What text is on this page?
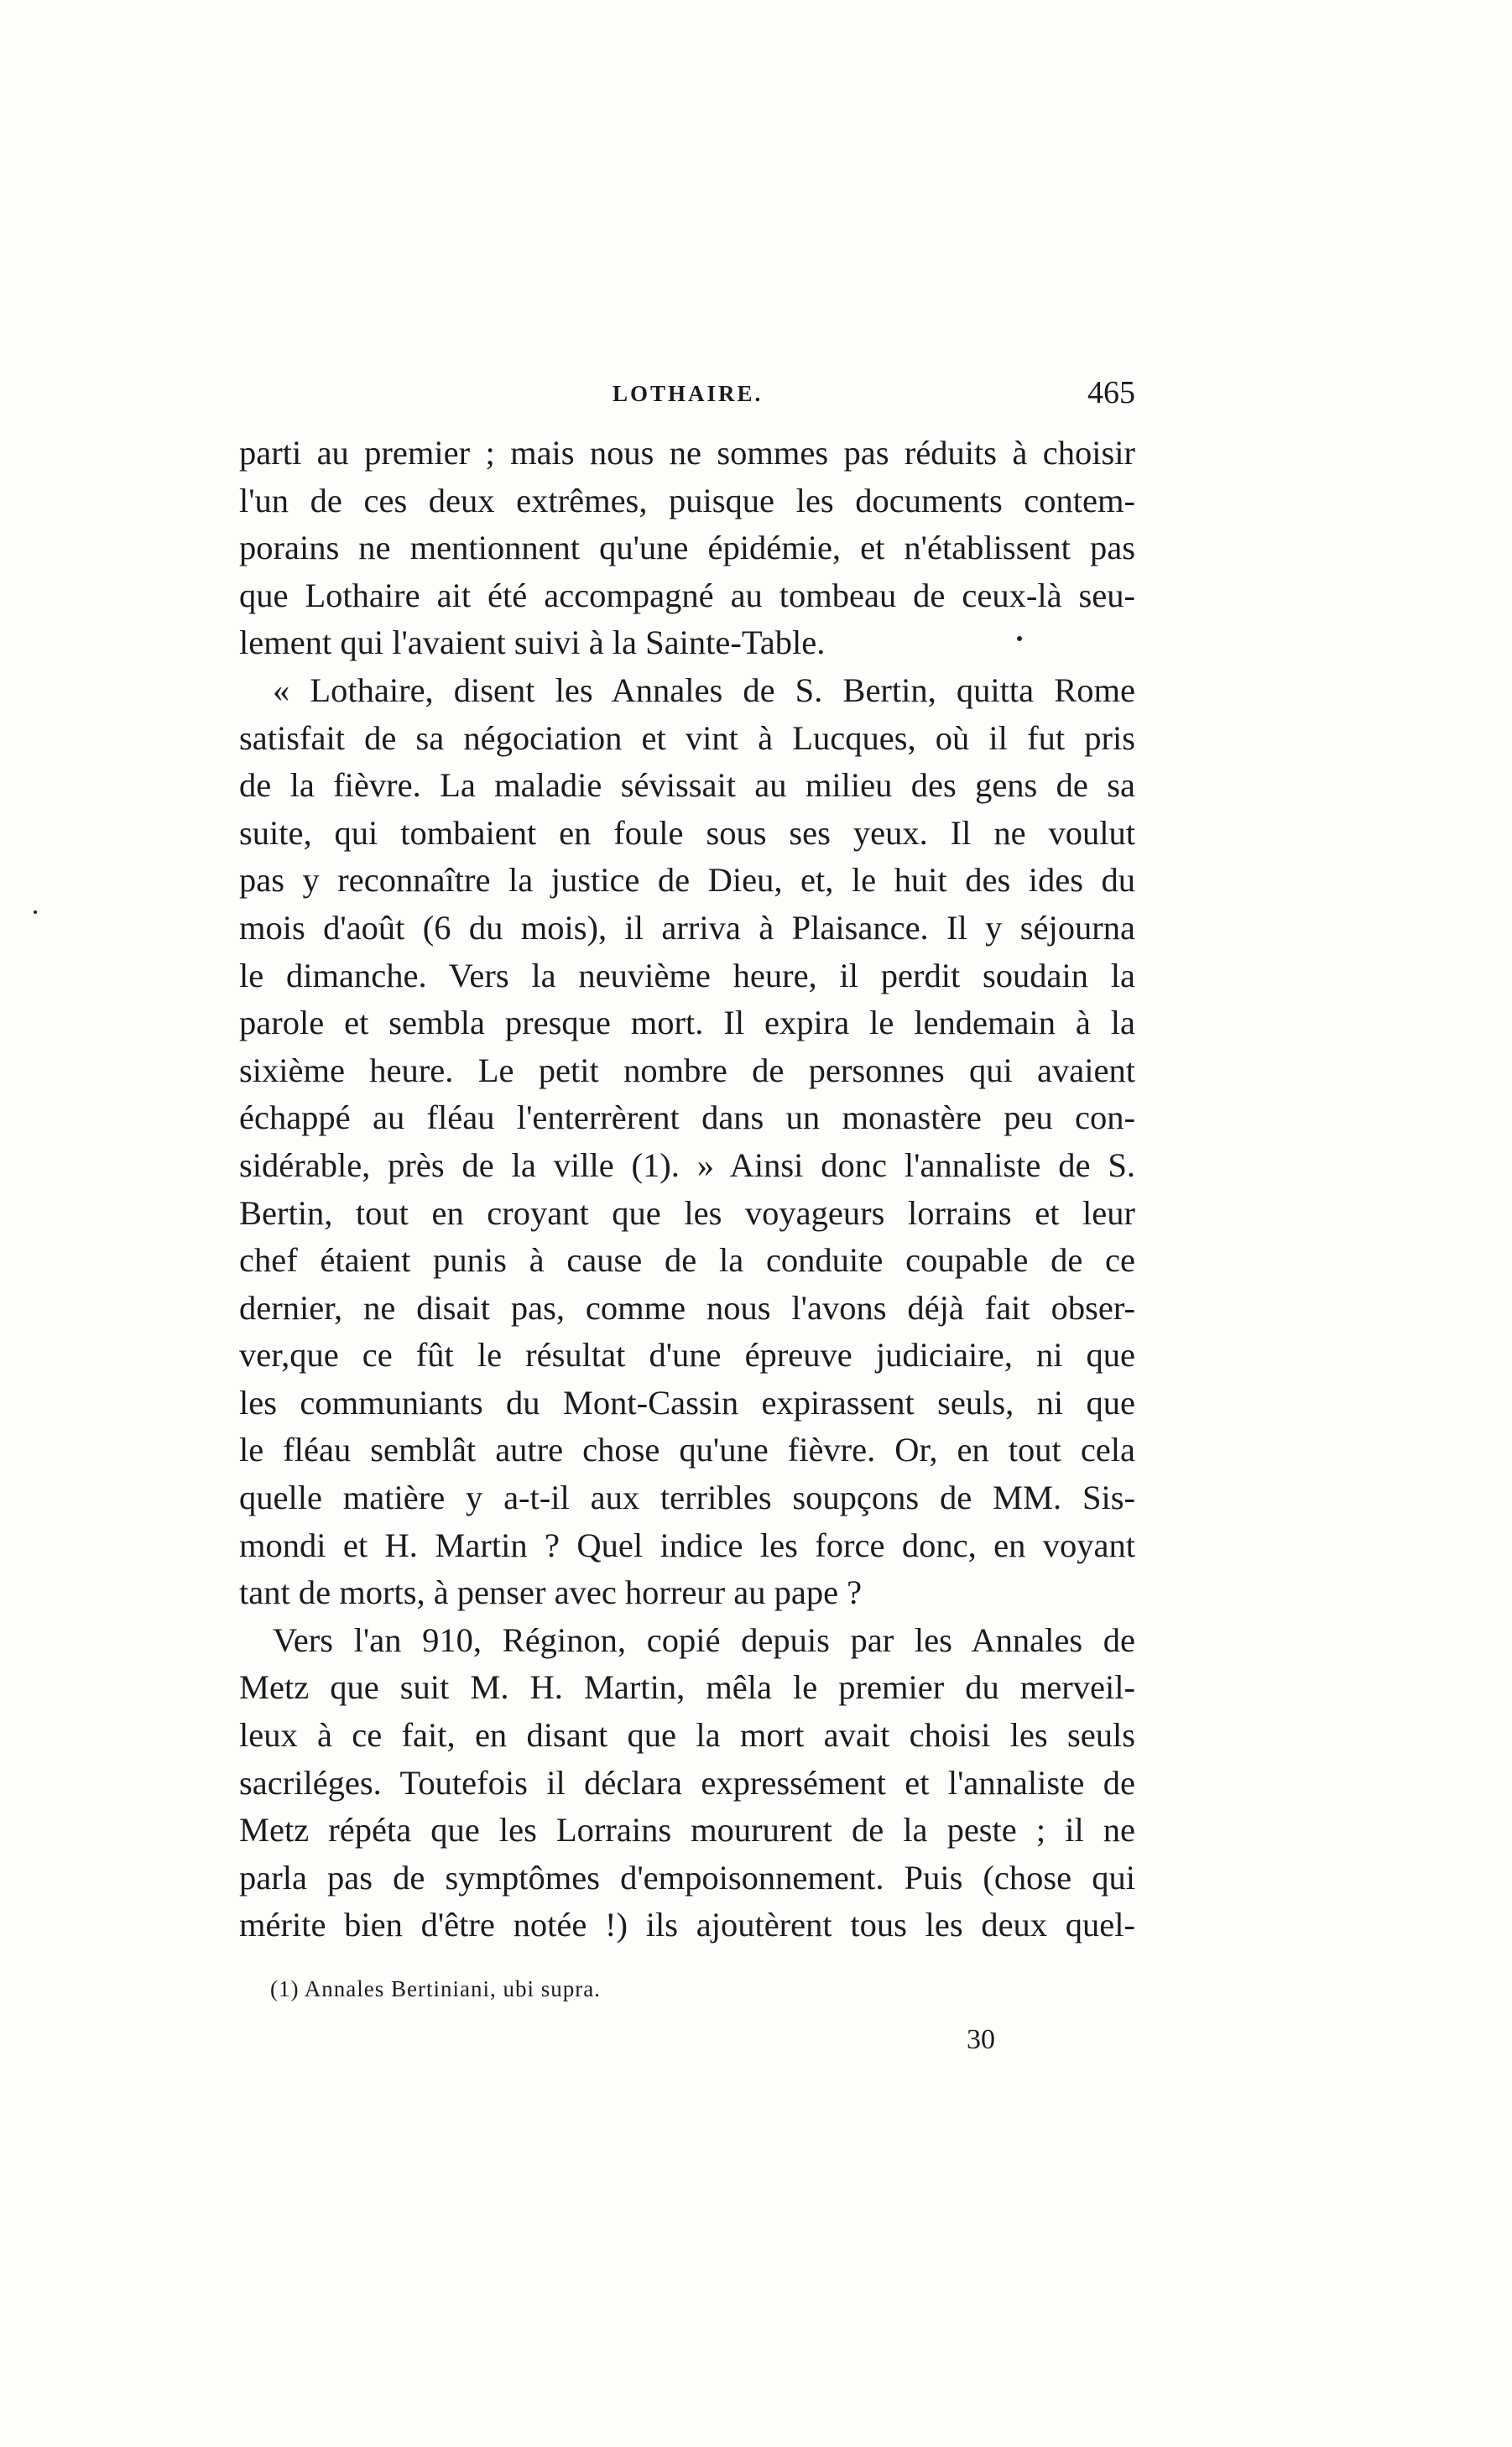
LOTHAIRE.	465
parti au premier ; mais nous ne sommes pas réduits à choisir
l'un de ces deux extrêmes, puisque les documents contem-
porains ne mentionnent qu'une épidémie, et n'établissent pas
que Lothaire ait été accompagné au tombeau de ceux-là seu-
lement qui l'avaient suivi à la Sainte-Table.
« Lothaire, disent les Annales de S. Bertin, quitta Rome
satisfait de sa négociation et vint à Lucques, où il fut pris
de la fièvre. La maladie sévissait au milieu des gens de sa
suite, qui tombaient en foule sous ses yeux. Il ne voulut
pas y reconnaître la justice de Dieu, et, le huit des ides du
mois d'août (6 du mois), il arriva à Plaisance. Il y séjourna
le dimanche. Vers la neuvième heure, il perdit soudain la
parole et sembla presque mort. Il expira le lendemain à la
sixième heure. Le petit nombre de personnes qui avaient
échappé au fléau l'enterrèrent dans un monastère peu con-
sidérable, près de la ville (1). » Ainsi donc l'annaliste de S.
Bertin, tout en croyant que les voyageurs lorrains et leur
chef étaient punis à cause de la conduite coupable de ce
dernier, ne disait pas, comme nous l'avons déjà fait obser-
ver,que ce fût le résultat d'une épreuve judiciaire, ni que
les communiants du Mont-Cassin expirassent seuls, ni que
le fléau semblât autre chose qu'une fièvre. Or, en tout cela
quelle matière y a-t-il aux terribles soupçons de MM. Sis-
mondi et H. Martin ? Quel indice les force donc, en voyant
tant de morts, à penser avec horreur au pape ?
Vers l'an 910, Réginon, copié depuis par les Annales de
Metz que suit M. H. Martin, mêla le premier du merveil-
leux à ce fait, en disant que la mort avait choisi les seuls
sacriléges. Toutefois il déclara expressément et l'annaliste de
Metz répéta que les Lorrains moururent de la peste ; il ne
parla pas de symptômes d'empoisonnement. Puis (chose qui
mérite bien d'être notée !) ils ajoutèrent tous les deux quel-
(1) Annales Bertiniani, ubi supra.
30
